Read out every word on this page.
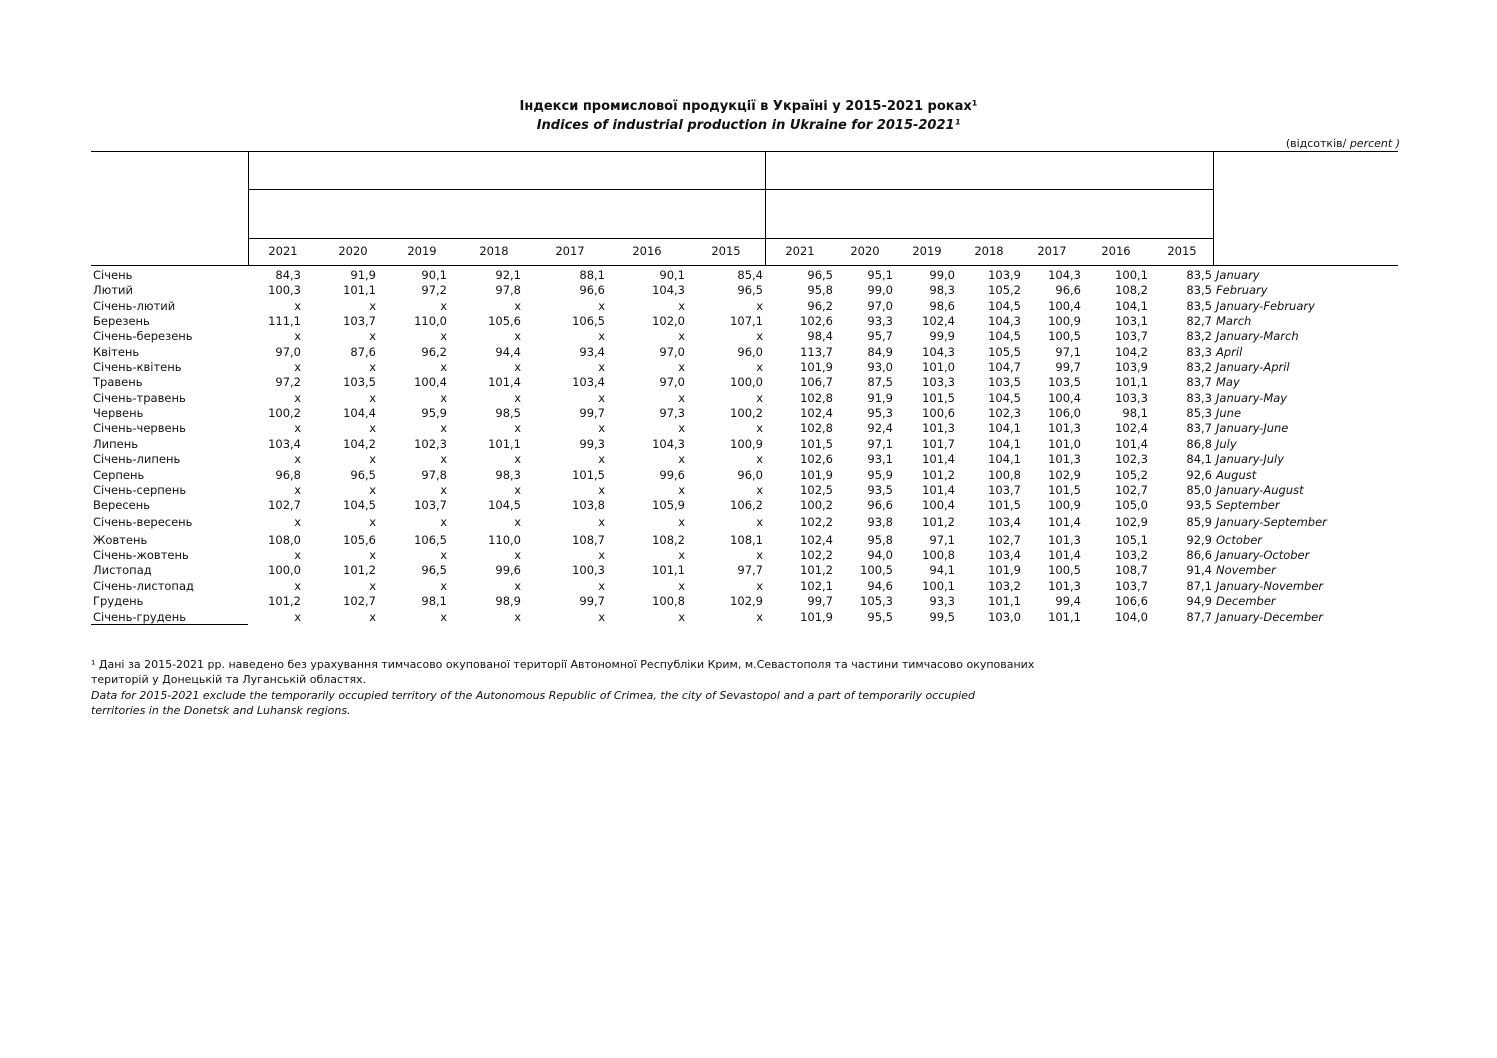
Індекси промислової продукції в Україні у 2015-2021 роках¹
Indices of industrial production in Ukraine for 2015-2021¹
(відсотків/ percent )
2021	2020	2019	2018	2017	2016	2015	2021	2020	2019	2018	2017	2016	2015
Січень	84,3	91,9	90,1	92,1	88,1	90,1	85,4	96,5	95,1	99,0	103,9	104,3	100,1	83,5 January
Лютий	100,3	101,1	97,2	97,8	96,6	104,3	96,5	95,8	99,0	98,3	105,2	96,6	108,2	83,5 February
Січень-лютий	x	x	x	x	x	x	x	96,2	97,0	98,6	104,5	100,4	104,1	83,5 January-February
Березень	111,1	103,7	110,0	105,6	106,5	102,0	107,1	102,6	93,3	102,4	104,3	100,9	103,1	82,7 March
Січень-березень	x	x	x	x	x	x	x	98,4	95,7	99,9	104,5	100,5	103,7	83,2 January-March
Квітень	97,0	87,6	96,2	94,4	93,4	97,0	96,0	113,7	84,9	104,3	105,5	97,1	104,2	83,3 April
Січень-квітень	x	x	x	x	x	x	x	101,9	93,0	101,0	104,7	99,7	103,9	83,2 January-April
Травень	97,2	103,5	100,4	101,4	103,4	97,0	100,0	106,7	87,5	103,3	103,5	103,5	101,1	83,7 May
Січень-травень	x	x	x	x	x	x	x	102,8	91,9	101,5	104,5	100,4	103,3	83,3 January-May
Червень	100,2	104,4	95,9	98,5	99,7	97,3	100,2	102,4	95,3	100,6	102,3	106,0	98,1	85,3 June
Січень-червень	x	x	x	x	x	x	x	102,8	92,4	101,3	104,1	101,3	102,4	83,7 January-June
Липень	103,4	104,2	102,3	101,1	99,3	104,3	100,9	101,5	97,1	101,7	104,1	101,0	101,4	86,8 July
Січень-липень	x	x	x	x	x	x	x	102,6	93,1	101,4	104,1	101,3	102,3	84,1 January-July
Серпень	96,8	96,5	97,8	98,3	101,5	99,6	96,0	101,9	95,9	101,2	100,8	102,9	105,2	92,6 August
Січень-серпень	x	x	x	x	x	x	x	102,5	93,5	101,4	103,7	101,5	102,7	85,0 January-August
Вересень	102,7	104,5	103,7	104,5	103,8	105,9	106,2	100,2	96,6	100,4	101,5	100,9	105,0	93,5 September
Січень-вересень	x	x	x	x	x	x	x	102,2	93,8	101,2	103,4	101,4	102,9	85,9 January-September
Жовтень	108,0	105,6	106,5	110,0	108,7	108,2	108,1	102,4	95,8	97,1	102,7	101,3	105,1	92,9 October
Січень-жовтень	x	x	x	x	x	x	x	102,2	94,0	100,8	103,4	101,4	103,2	86,6 January-October
Листопад	100,0	101,2	96,5	99,6	100,3	101,1	97,7	101,2	100,5	94,1	101,9	100,5	108,7	91,4 November
Січень-листопад	x	x	x	x	x	x	x	102,1	94,6	100,1	103,2	101,3	103,7	87,1 January-November
Грудень	101,2	102,7	98,1	98,9	99,7	100,8	102,9	99,7	105,3	93,3	101,1	99,4	106,6	94,9 December
Січень-грудень	x	x	x	x	x	x	x	101,9	95,5	99,5	103,0	101,1	104,0	87,7 January-December
¹ Дані за 2015-2021 рр. наведено без урахування тимчасово окупованої території Автономної Республіки Крим, м.Севастополя та частини тимчасово окупованих
територій у Донецькій та Луганській областях.
Data for 2015-2021 exclude the temporarily occupied territory of the Autonomous Republic of Crimea, the city of Sevastopol and a part of temporarily occupied
territories in the Donetsk and Luhansk regions.
